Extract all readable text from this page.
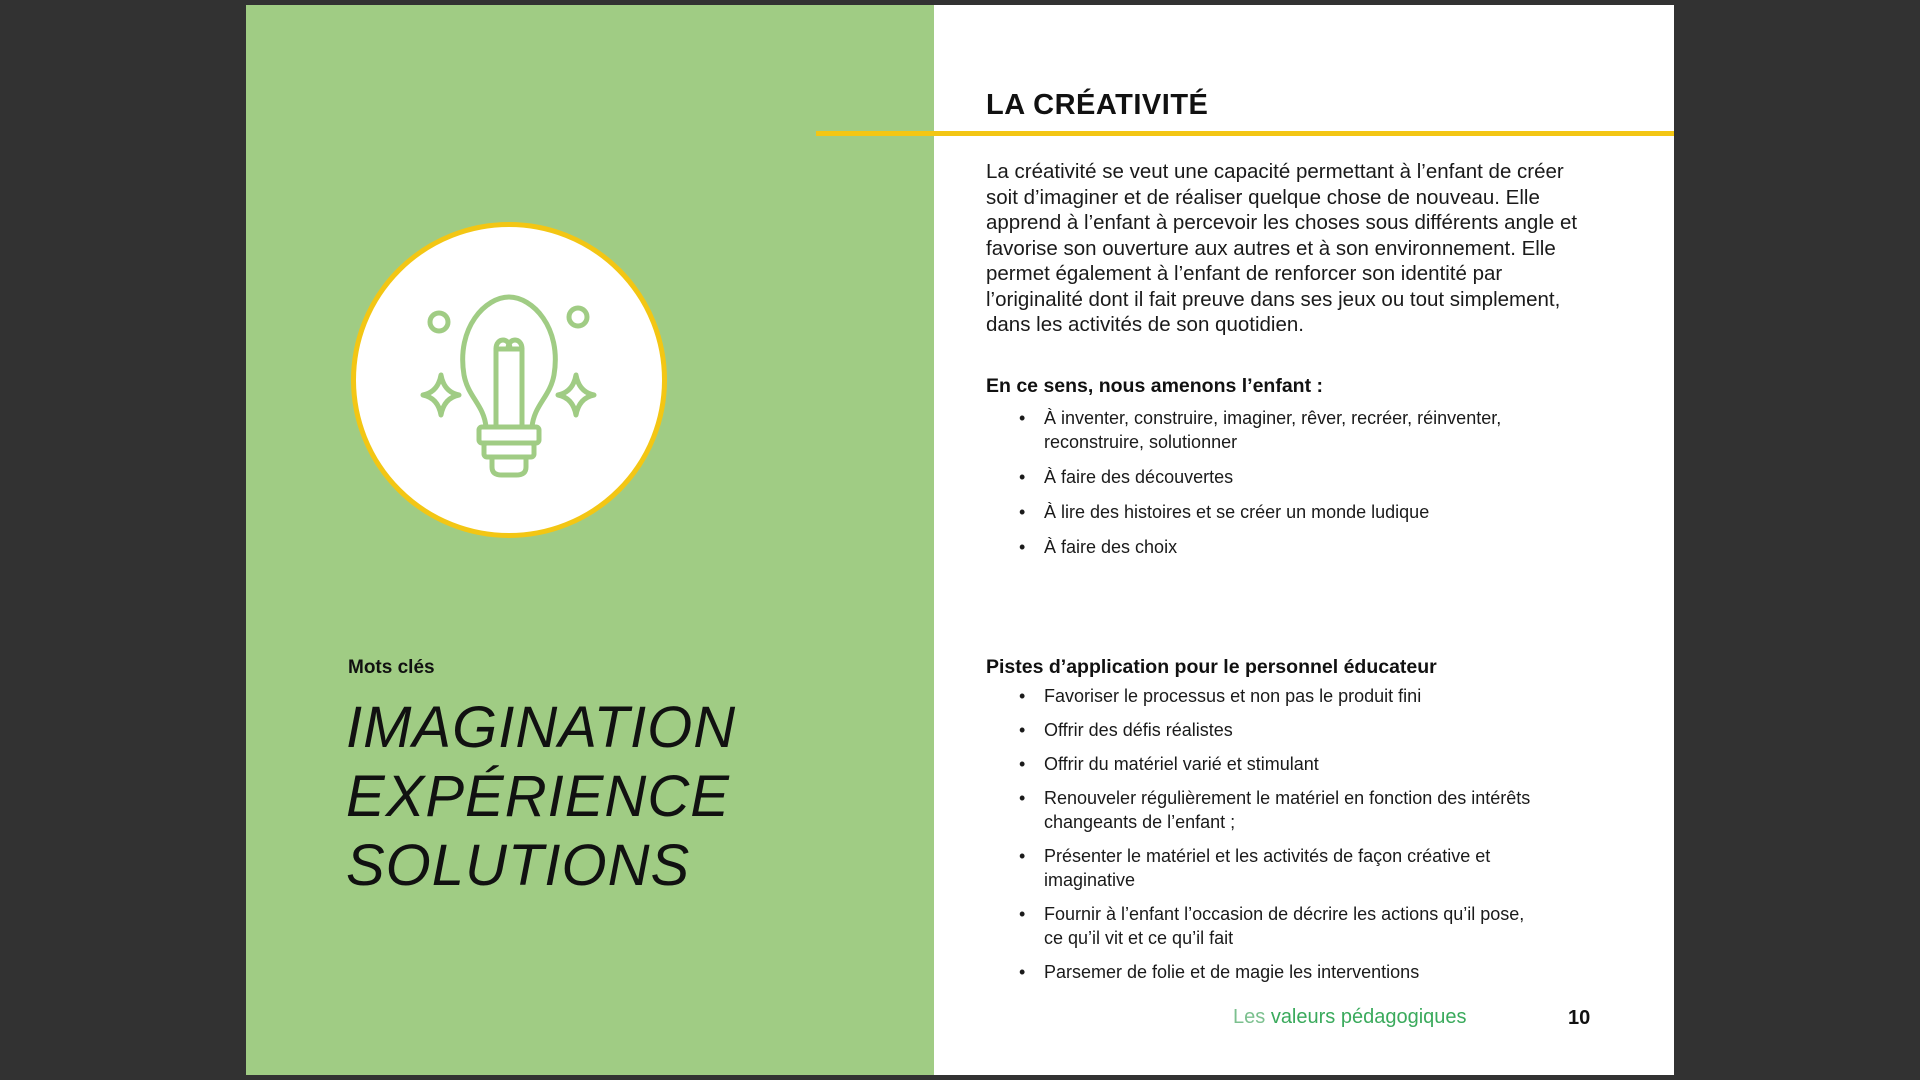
Mots clés
IMAGINATION
EXPÉRIENCE
SOLUTIONS
LA CRÉATIVITÉ
La créativité se veut une capacité permettant à l’enfant de créer soit d’imaginer et de réaliser quelque chose de nouveau. Elle apprend à l’enfant à percevoir les choses sous différents angle et favorise son ouverture aux autres et à son environnement. Elle permet également à l’enfant de renforcer son identité par l’originalité dont il fait preuve dans ses jeux ou tout simplement, dans les activités de son quotidien.
En ce sens, nous amenons l’enfant :
• À inventer, construire, imaginer, rêver, recréer, réinventer, reconstruire, solutionner
• À faire des découvertes
• À lire des histoires et se créer un monde ludique
• À faire des choix
Pistes d’application pour le personnel éducateur
• Favoriser le processus et non pas le produit fini
• Offrir des défis réalistes
• Offrir du matériel varié et stimulant
• Renouveler régulièrement le matériel en fonction des intérêts changeants de l’enfant ;
• Présenter le matériel et les activités de façon créative et imaginative
• Fournir à l’enfant l’occasion de décrire les actions qu’il pose, ce qu’il vit et ce qu’il fait
• Parsemer de folie et de magie les interventions
Les valeurs pédagogiques	10
